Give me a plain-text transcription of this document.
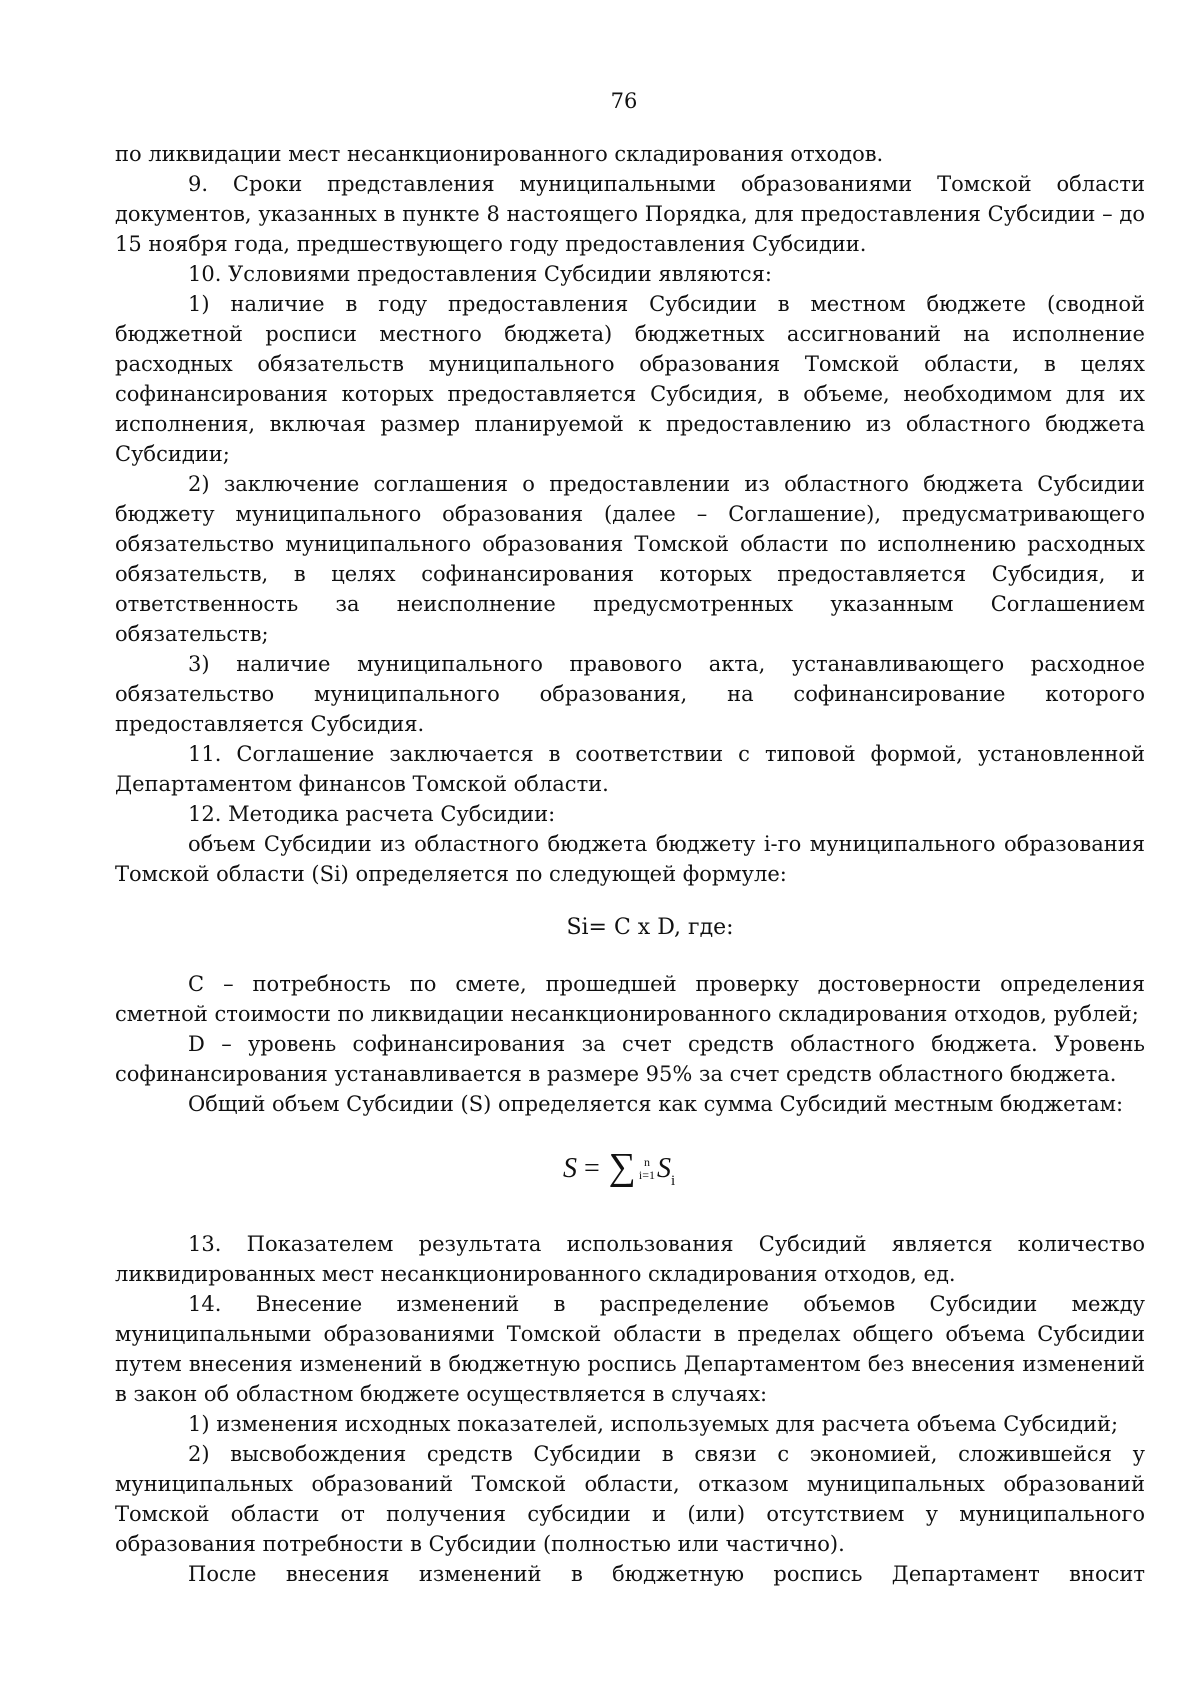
76

по ликвидации мест несанкционированного складирования отходов.

9. Сроки представления муниципальными образованиями Томской области документов, указанных в пункте 8 настоящего Порядка, для предоставления Субсидии – до 15 ноября года, предшествующего году предоставления Субсидии.

10. Условиями предоставления Субсидии являются:

1) наличие в году предоставления Субсидии в местном бюджете (сводной бюджетной росписи местного бюджета) бюджетных ассигнований на исполнение расходных обязательств муниципального образования Томской области, в целях софинансирования которых предоставляется Субсидия, в объеме, необходимом для их исполнения, включая размер планируемой к предоставлению из областного бюджета Субсидии;

2) заключение соглашения о предоставлении из областного бюджета Субсидии бюджету муниципального образования (далее – Соглашение), предусматривающего обязательство муниципального образования Томской области по исполнению расходных обязательств, в целях софинансирования которых предоставляется Субсидия, и ответственность за неисполнение предусмотренных указанным Соглашением обязательств;

3) наличие муниципального правового акта, устанавливающего расходное обязательство муниципального образования, на софинансирование которого предоставляется Субсидия.

11. Соглашение заключается в соответствии с типовой формой, установленной Департаментом финансов Томской области.

12. Методика расчета Субсидии:

объем Субсидии из областного бюджета бюджету i-го муниципального образования Томской области (Si) определяется по следующей формуле:

Si= C x D, где:

C – потребность по смете, прошедшей проверку достоверности определения сметной стоимости по ликвидации несанкционированного складирования отходов, рублей;

D – уровень софинансирования за счет средств областного бюджета. Уровень софинансирования устанавливается в размере 95% за счет средств областного бюджета.

Общий объем Субсидии (S) определяется как сумма Субсидий местным бюджетам:

S = ∑ n
i=1 $S_i$

13. Показателем результата использования Субсидий является количество ликвидированных мест несанкционированного складирования отходов, ед.

14. Внесение изменений в распределение объемов Субсидии между муниципальными образованиями Томской области в пределах общего объема Субсидии путем внесения изменений в бюджетную роспись Департаментом без внесения изменений в закон об областном бюджете осуществляется в случаях:

1) изменения исходных показателей, используемых для расчета объема Субсидий;

2) высвобождения средств Субсидии в связи с экономией, сложившейся у муниципальных образований Томской области, отказом муниципальных образований Томской области от получения субсидии и (или) отсутствием у муниципального образования потребности в Субсидии (полностью или частично).

После внесения изменений в бюджетную роспись Департамент вносит
